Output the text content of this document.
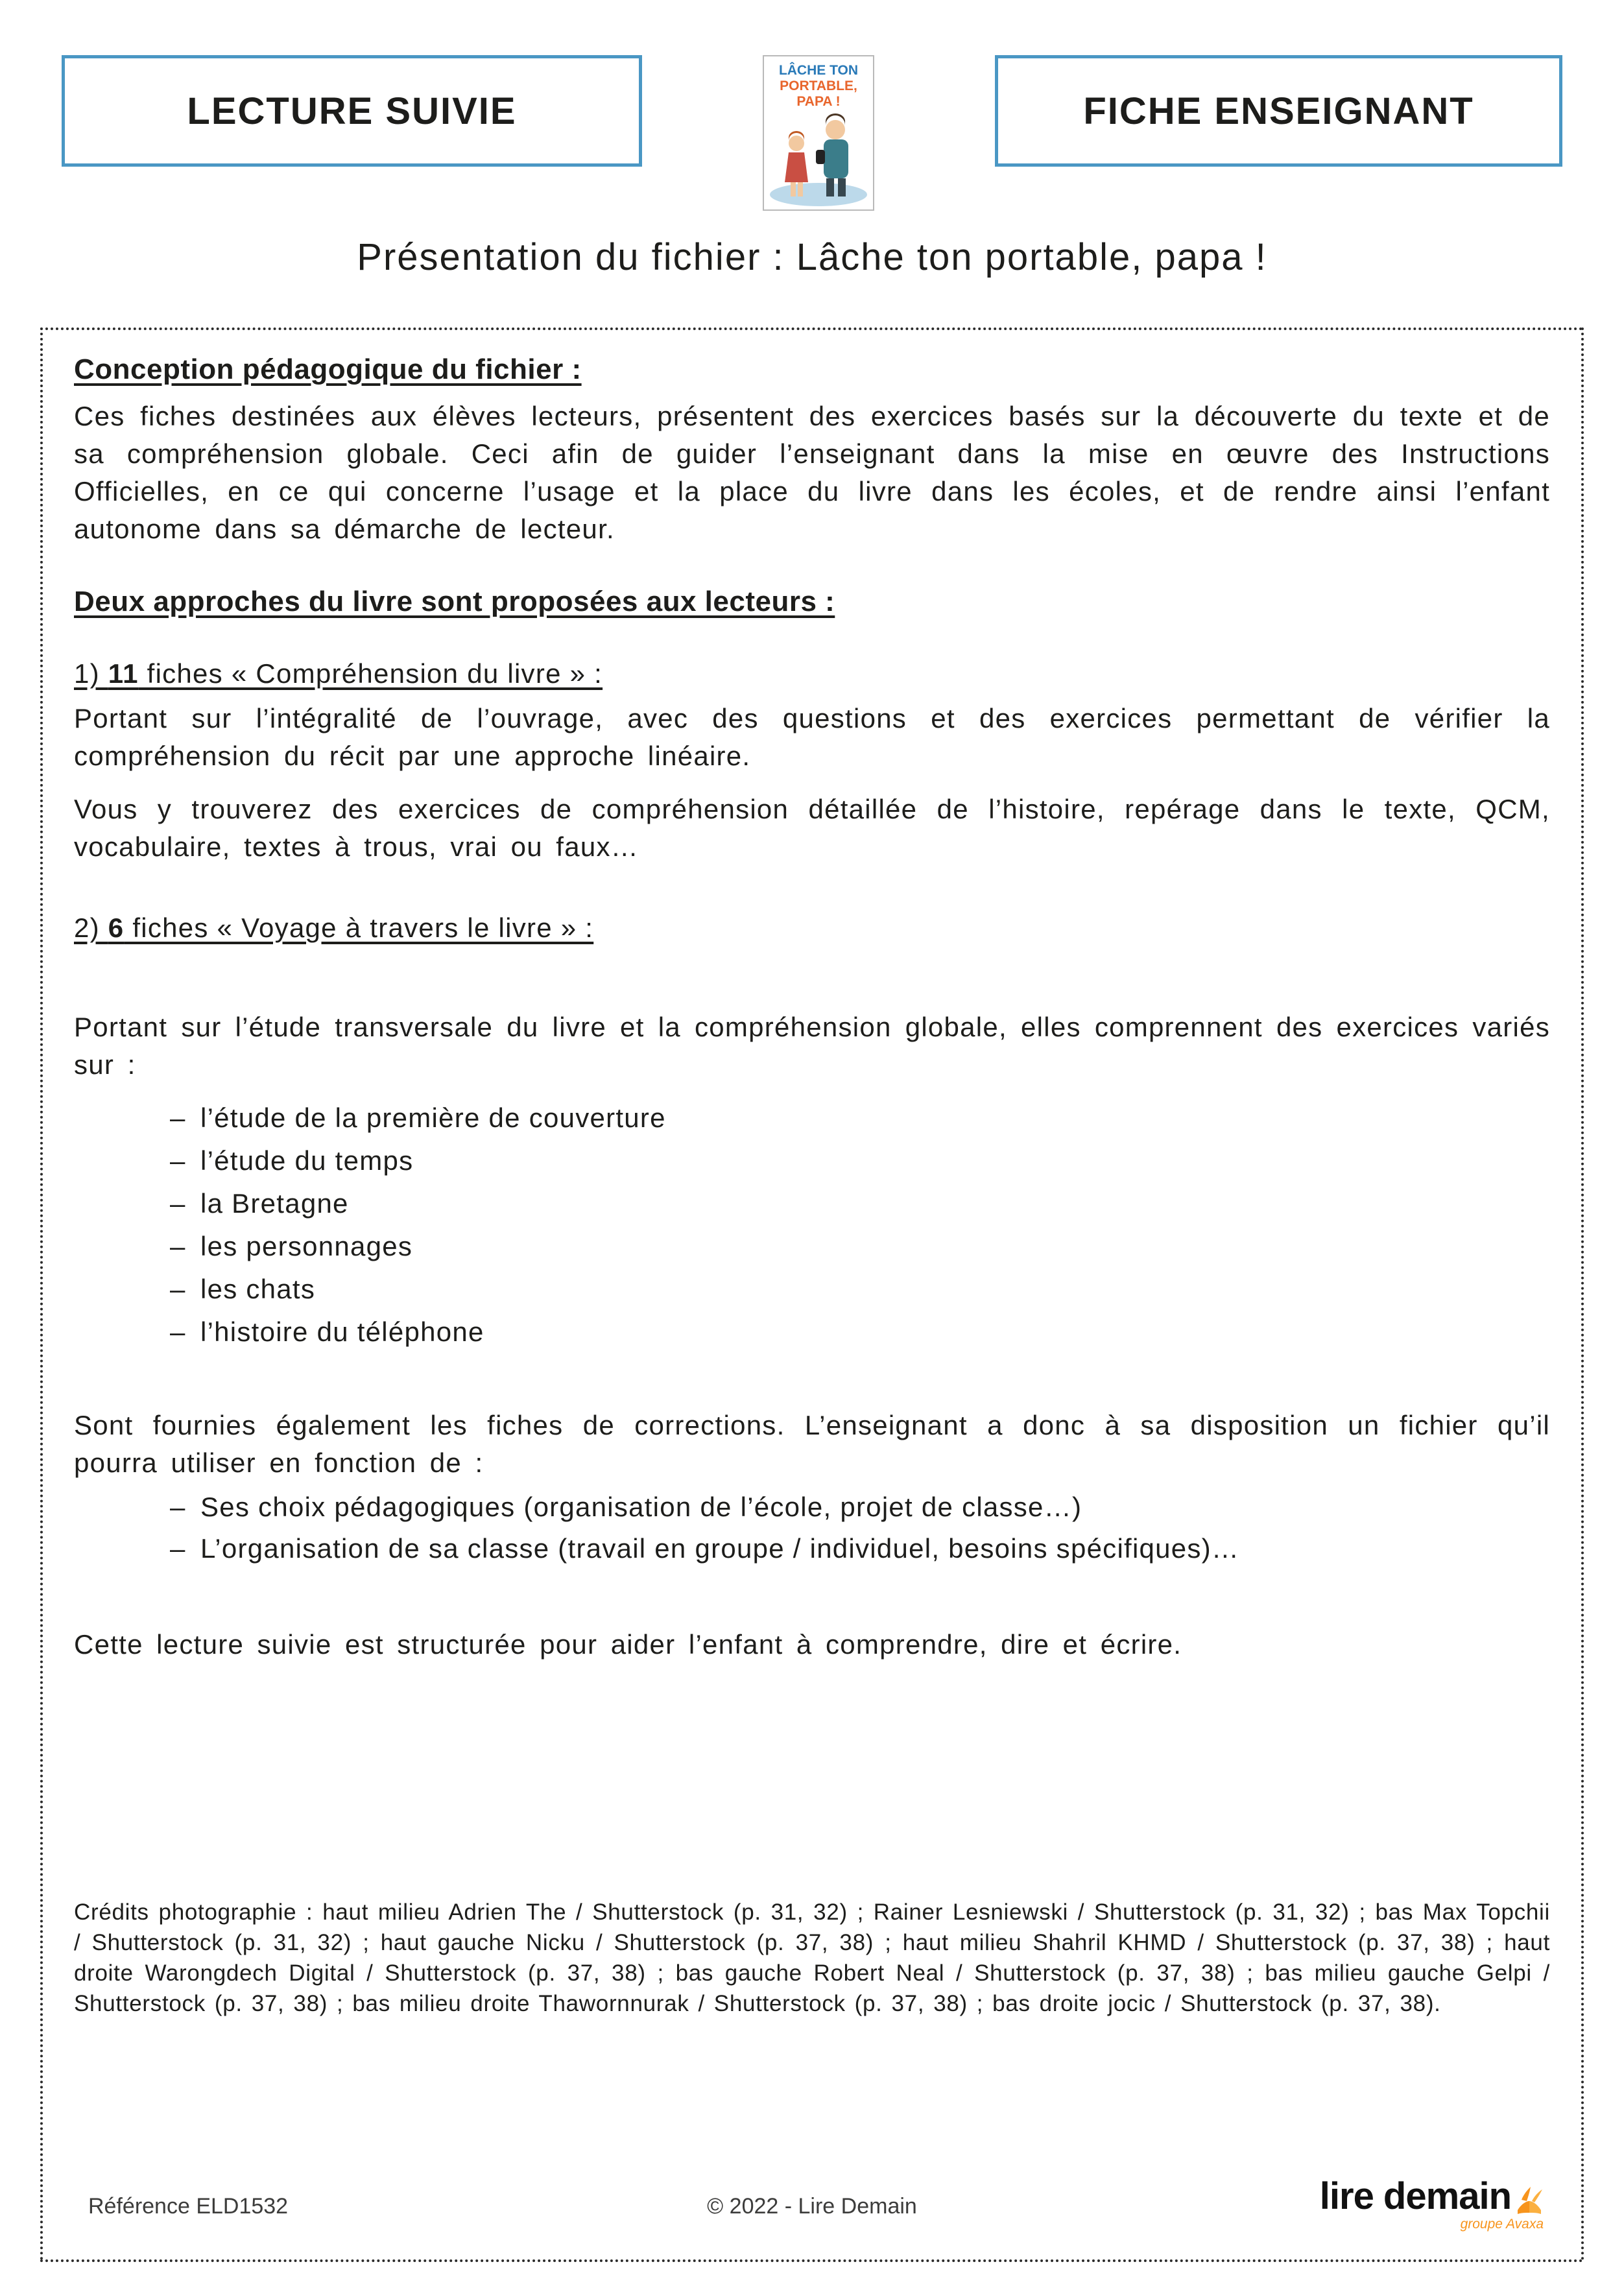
LECTURE SUIVIE
LÂCHE TON
PORTABLE,
PAPA !	FICHE ENSEIGNANT
Présentation du fichier : Lâche ton portable, papa !
Conception pédagogique du fichier :

Ces fiches destinées aux élèves lecteurs, présentent des exercices basés sur la découverte du texte et de sa compréhension globale. Ceci afin de guider l’enseignant dans la mise en œuvre des Instructions Officielles, en ce qui concerne l’usage et la place du livre dans les écoles, et de rendre ainsi l’enfant autonome dans sa démarche de lecteur.

Deux approches du livre sont proposées aux lecteurs :

1) 11 fiches « Compréhension du livre » :

Portant sur l’intégralité de l’ouvrage, avec des questions et des exercices permettant de vérifier la compréhension du récit par une approche linéaire.

Vous y trouverez des exercices de compréhension détaillée de l’histoire, repérage dans le texte, QCM, vocabulaire, textes à trous, vrai ou faux…

2) 6 fiches « Voyage à travers le livre » :

Portant sur l’étude transversale du livre et la compréhension globale, elles comprennent des exercices variés sur :

– l’étude de la première de couverture
– l’étude du temps
– la Bretagne
– les personnages
– les chats
– l’histoire du téléphone

Sont fournies également les fiches de corrections. L’enseignant a donc à sa disposition un fichier qu’il pourra utiliser en fonction de :

– Ses choix pédagogiques (organisation de l’école, projet de classe…)
– L’organisation de sa classe (travail en groupe / individuel, besoins spécifiques)…

Cette lecture suivie est structurée pour aider l’enfant à comprendre, dire et écrire.

Crédits photographie : haut milieu Adrien The / Shutterstock (p. 31, 32) ; Rainer Lesniewski / Shutterstock (p. 31, 32) ; bas Max Topchii / Shutterstock (p. 31, 32) ; haut gauche Nicku / Shutterstock (p. 37, 38) ; haut milieu Shahril KHMD / Shutterstock (p. 37, 38) ; haut droite Warongdech Digital / Shutterstock (p. 37, 38) ; bas gauche Robert Neal / Shutterstock (p. 37, 38) ; bas milieu gauche Gelpi / Shutterstock (p. 37, 38) ; bas milieu droite Thawornnurak / Shutterstock (p. 37, 38) ; bas droite jocic / Shutterstock (p. 37, 38).

Référence ELD1532	© 2022 - Lire Demain	lire demain
groupe Avaxa
